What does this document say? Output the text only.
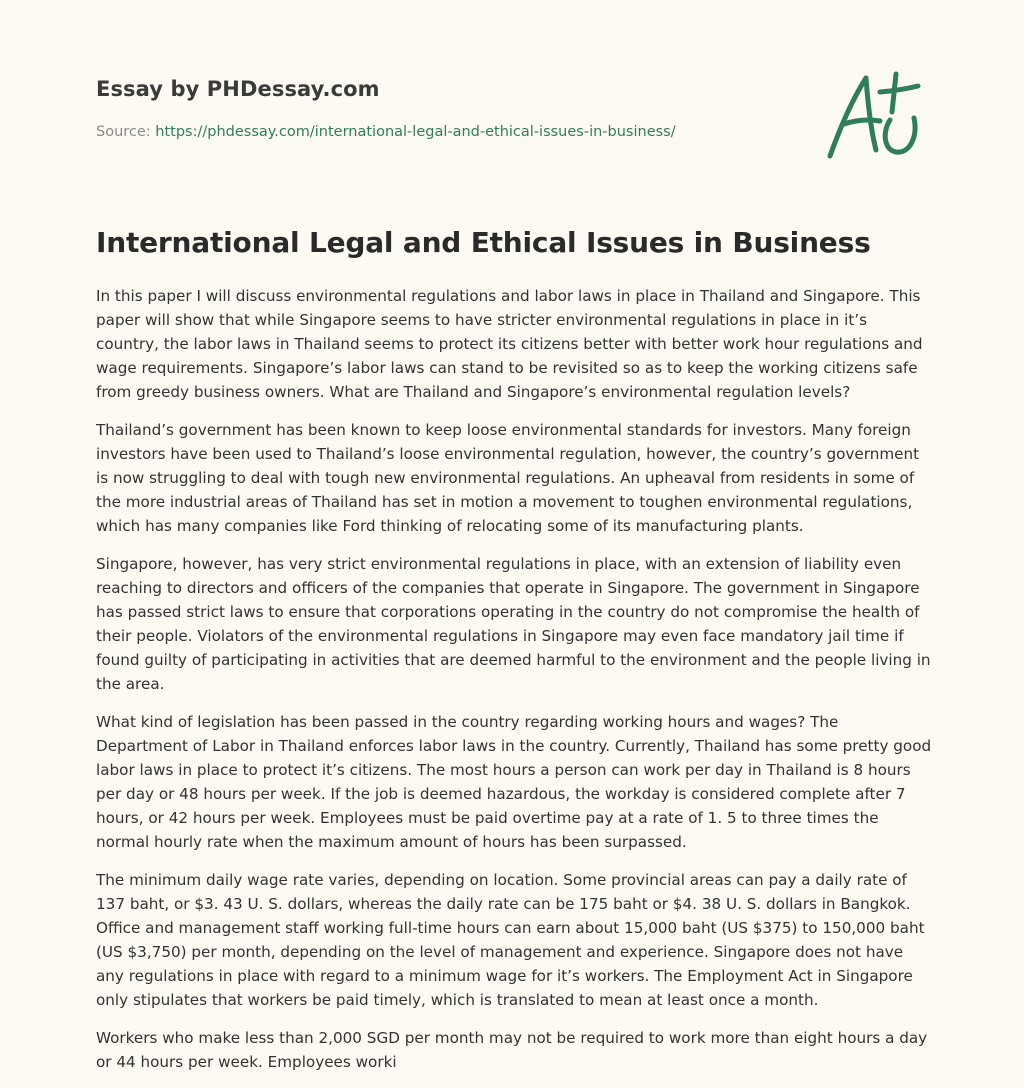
Essay by PHDessay.com
Source: https://phdessay.com/international-legal-and-ethical-issues-in-business/
International Legal and Ethical Issues in Business

In this paper I will discuss environmental regulations and labor laws in place in Thailand and Singapore. This paper will show that while Singapore seems to have stricter environmental regulations in place in it’s country, the labor laws in Thailand seems to protect its citizens better with better work hour regulations and wage requirements. Singapore’s labor laws can stand to be revisited so as to keep the working citizens safe from greedy business owners. What are Thailand and Singapore’s environmental regulation levels?

Thailand’s government has been known to keep loose environmental standards for investors. Many foreign investors have been used to Thailand’s loose environmental regulation, however, the country’s government is now struggling to deal with tough new environmental regulations. An upheaval from residents in some of the more industrial areas of Thailand has set in motion a movement to toughen environmental regulations, which has many companies like Ford thinking of relocating some of its manufacturing plants.

Singapore, however, has very strict environmental regulations in place, with an extension of liability even reaching to directors and officers of the companies that operate in Singapore. The government in Singapore has passed strict laws to ensure that corporations operating in the country do not compromise the health of their people. Violators of the environmental regulations in Singapore may even face mandatory jail time if found guilty of participating in activities that are deemed harmful to the environment and the people living in the area.

What kind of legislation has been passed in the country regarding working hours and wages? The Department of Labor in Thailand enforces labor laws in the country. Currently, Thailand has some pretty good labor laws in place to protect it’s citizens. The most hours a person can work per day in Thailand is 8 hours per day or 48 hours per week. If the job is deemed hazardous, the workday is considered complete after 7 hours, or 42 hours per week. Employees must be paid overtime pay at a rate of 1. 5 to three times the normal hourly rate when the maximum amount of hours has been surpassed.

The minimum daily wage rate varies, depending on location. Some provincial areas can pay a daily rate of 137 baht, or $3. 43 U. S. dollars, whereas the daily rate can be 175 baht or $4. 38 U. S. dollars in Bangkok. Office and management staff working full-time hours can earn about 15,000 baht (US $375) to 150,000 baht (US $3,750) per month, depending on the level of management and experience. Singapore does not have any regulations in place with regard to a minimum wage for it’s workers. The Employment Act in Singapore only stipulates that workers be paid timely, which is translated to mean at least once a month.

Workers who make less than 2,000 SGD per month may not be required to work more than eight hours a day or 44 hours per week. Employees worki
